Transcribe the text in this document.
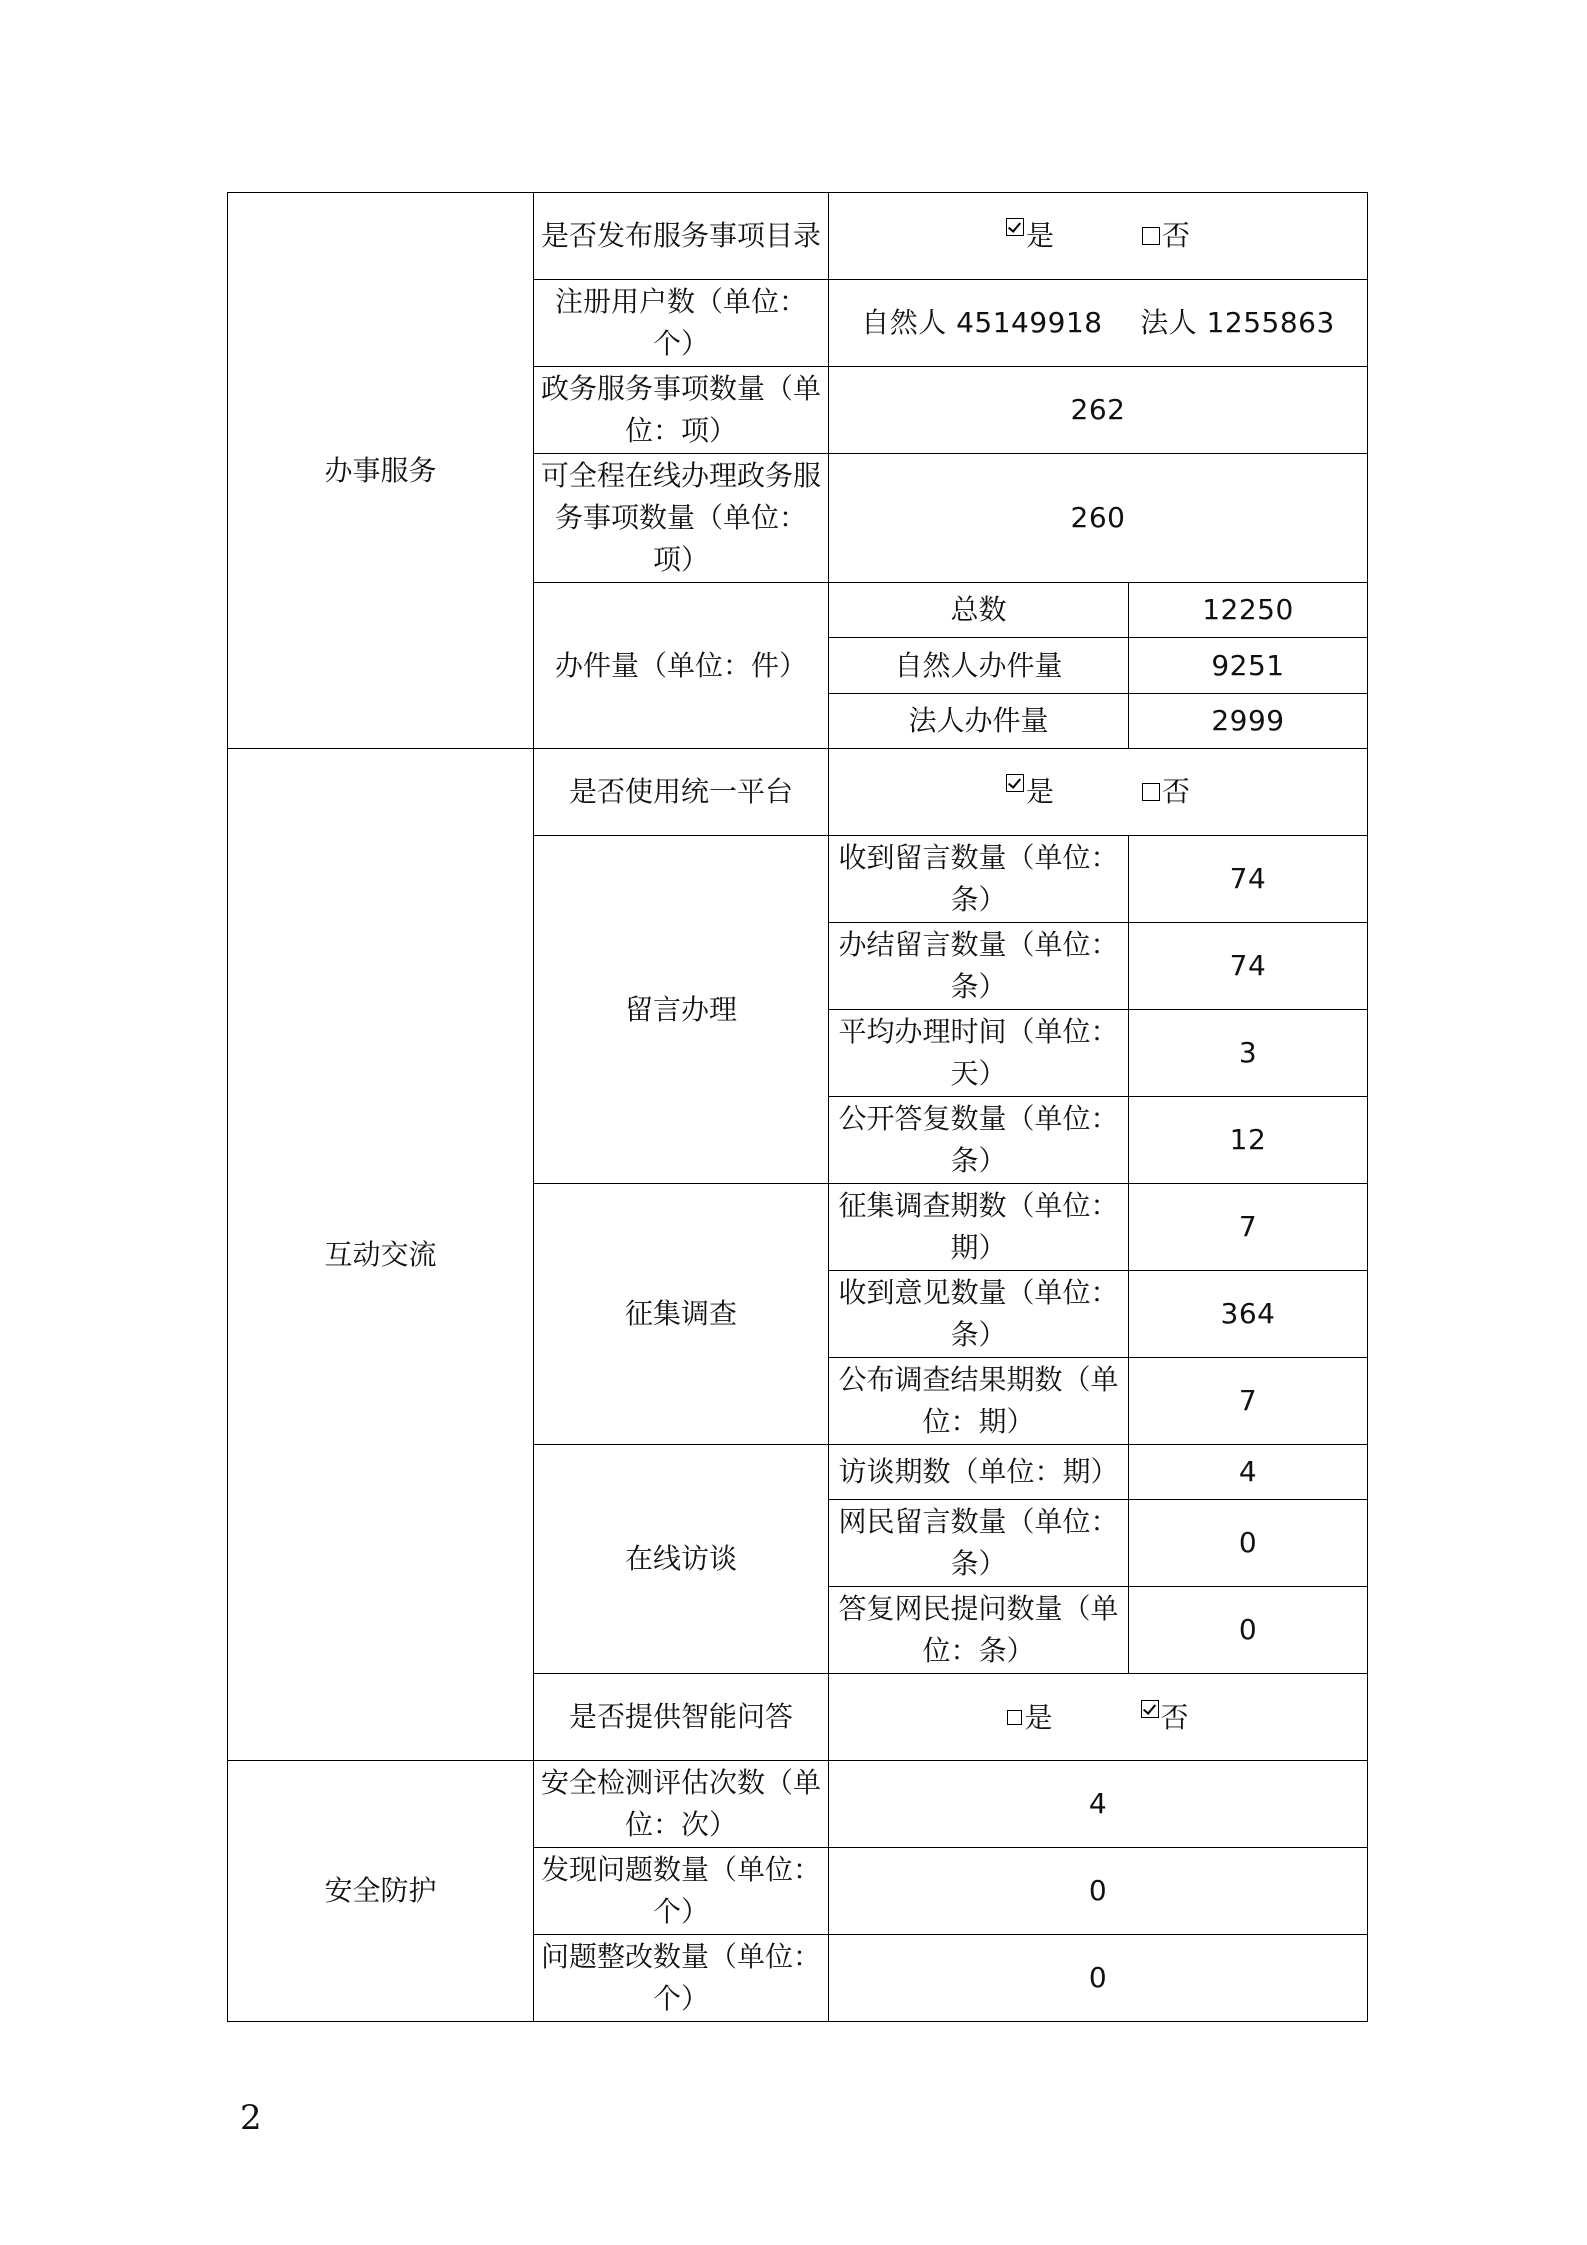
办事服务	是否发布服务事项目录	是 否	

	注册用户数（单位：个）	自然人 45149918    法人 1255863	
	政务服务事项数量（单位：项）	262	
	可全程在线办理政务服务事项数量（单位：项）	260	
	办件量（单位：件）	总数	12250
		自然人办件量	9251
		法人办件量	2999
互动交流	是否使用统一平台	是 否	

	留言办理	收到留言数量（单位：条）	74
		办结留言数量（单位：条）	74
		平均办理时间（单位：天）	3
		公开答复数量（单位：条）	12
	征集调查	征集调查期数（单位：期）	7
		收到意见数量（单位：条）	364
		公布调查结果期数（单位：期）	7
	在线访谈	访谈期数（单位：期）	4
		网民留言数量（单位：条）	0
		答复网民提问数量（单位：条）	0
	是否提供智能问答	是 否	

安全防护	安全检测评估次数（单位：次）	4	
	发现问题数量（单位：个）	0	
	问题整改数量（单位：个）	0	
2
